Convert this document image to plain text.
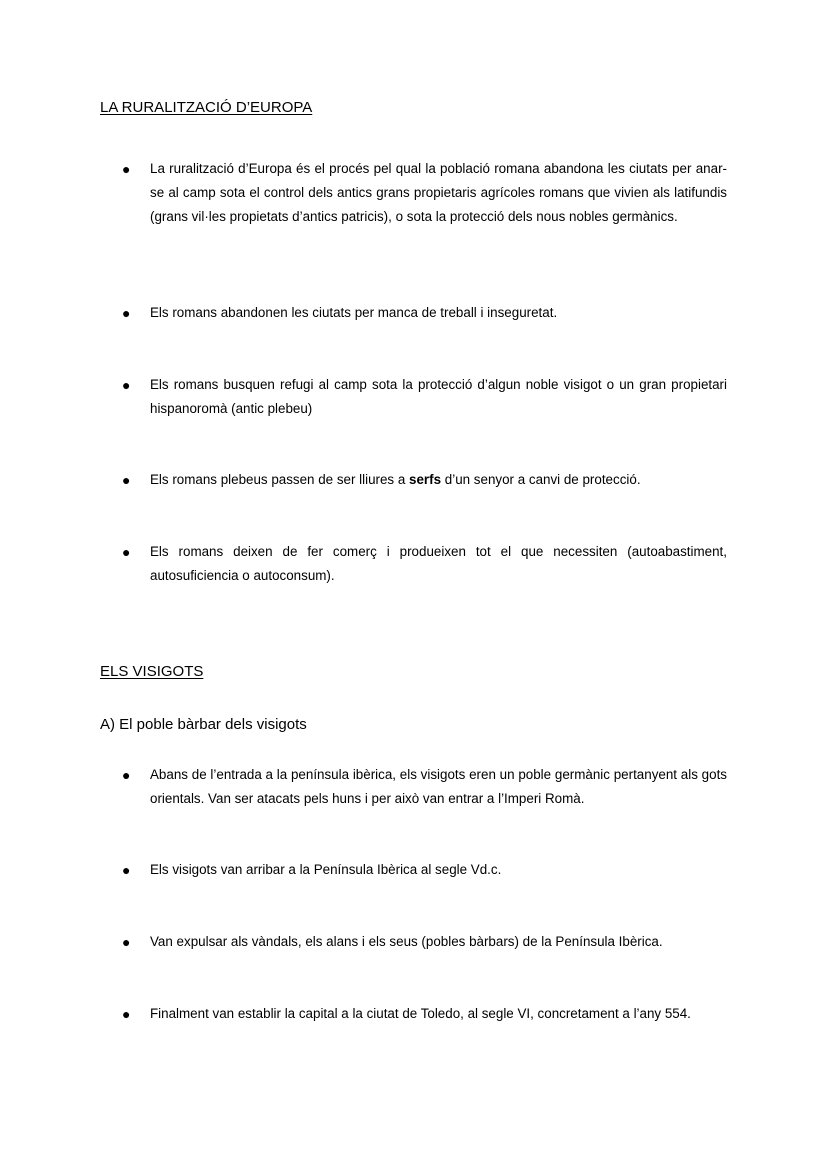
LA RURALITZACIÓ D’EUROPA
● La ruralització d’Europa és el procés pel qual la població romana abandona les ciutats per anar-se al camp sota el control dels antics grans propietaris agrícoles romans que vivien als latifundis (grans vil·les propietats d’antics patricis), o sota la protecció dels nous nobles germànics.
● Els romans abandonen les ciutats per manca de treball i inseguretat.
● Els romans busquen refugi al camp sota la protecció d’algun noble visigot o un gran propietari hispanoromà (antic plebeu)
● Els romans plebeus passen de ser lliures a serfs d’un senyor a canvi de protecció.
● Els romans deixen de fer comerç i produeixen tot el que necessiten (autoabastiment, autosuficiencia o autoconsum).
ELS VISIGOTS
A) El poble bàrbar dels visigots
● Abans de l’entrada a la península ibèrica, els visigots eren un poble germànic pertanyent als gots orientals. Van ser atacats pels huns i per això van entrar a l’Imperi Romà.
● Els visigots van arribar a la Península Ibèrica al segle Vd.c.
● Van expulsar als vàndals, els alans i els seus (pobles bàrbars) de la Península Ibèrica.
● Finalment van establir la capital a la ciutat de Toledo, al segle VI, concretament a l’any 554.
